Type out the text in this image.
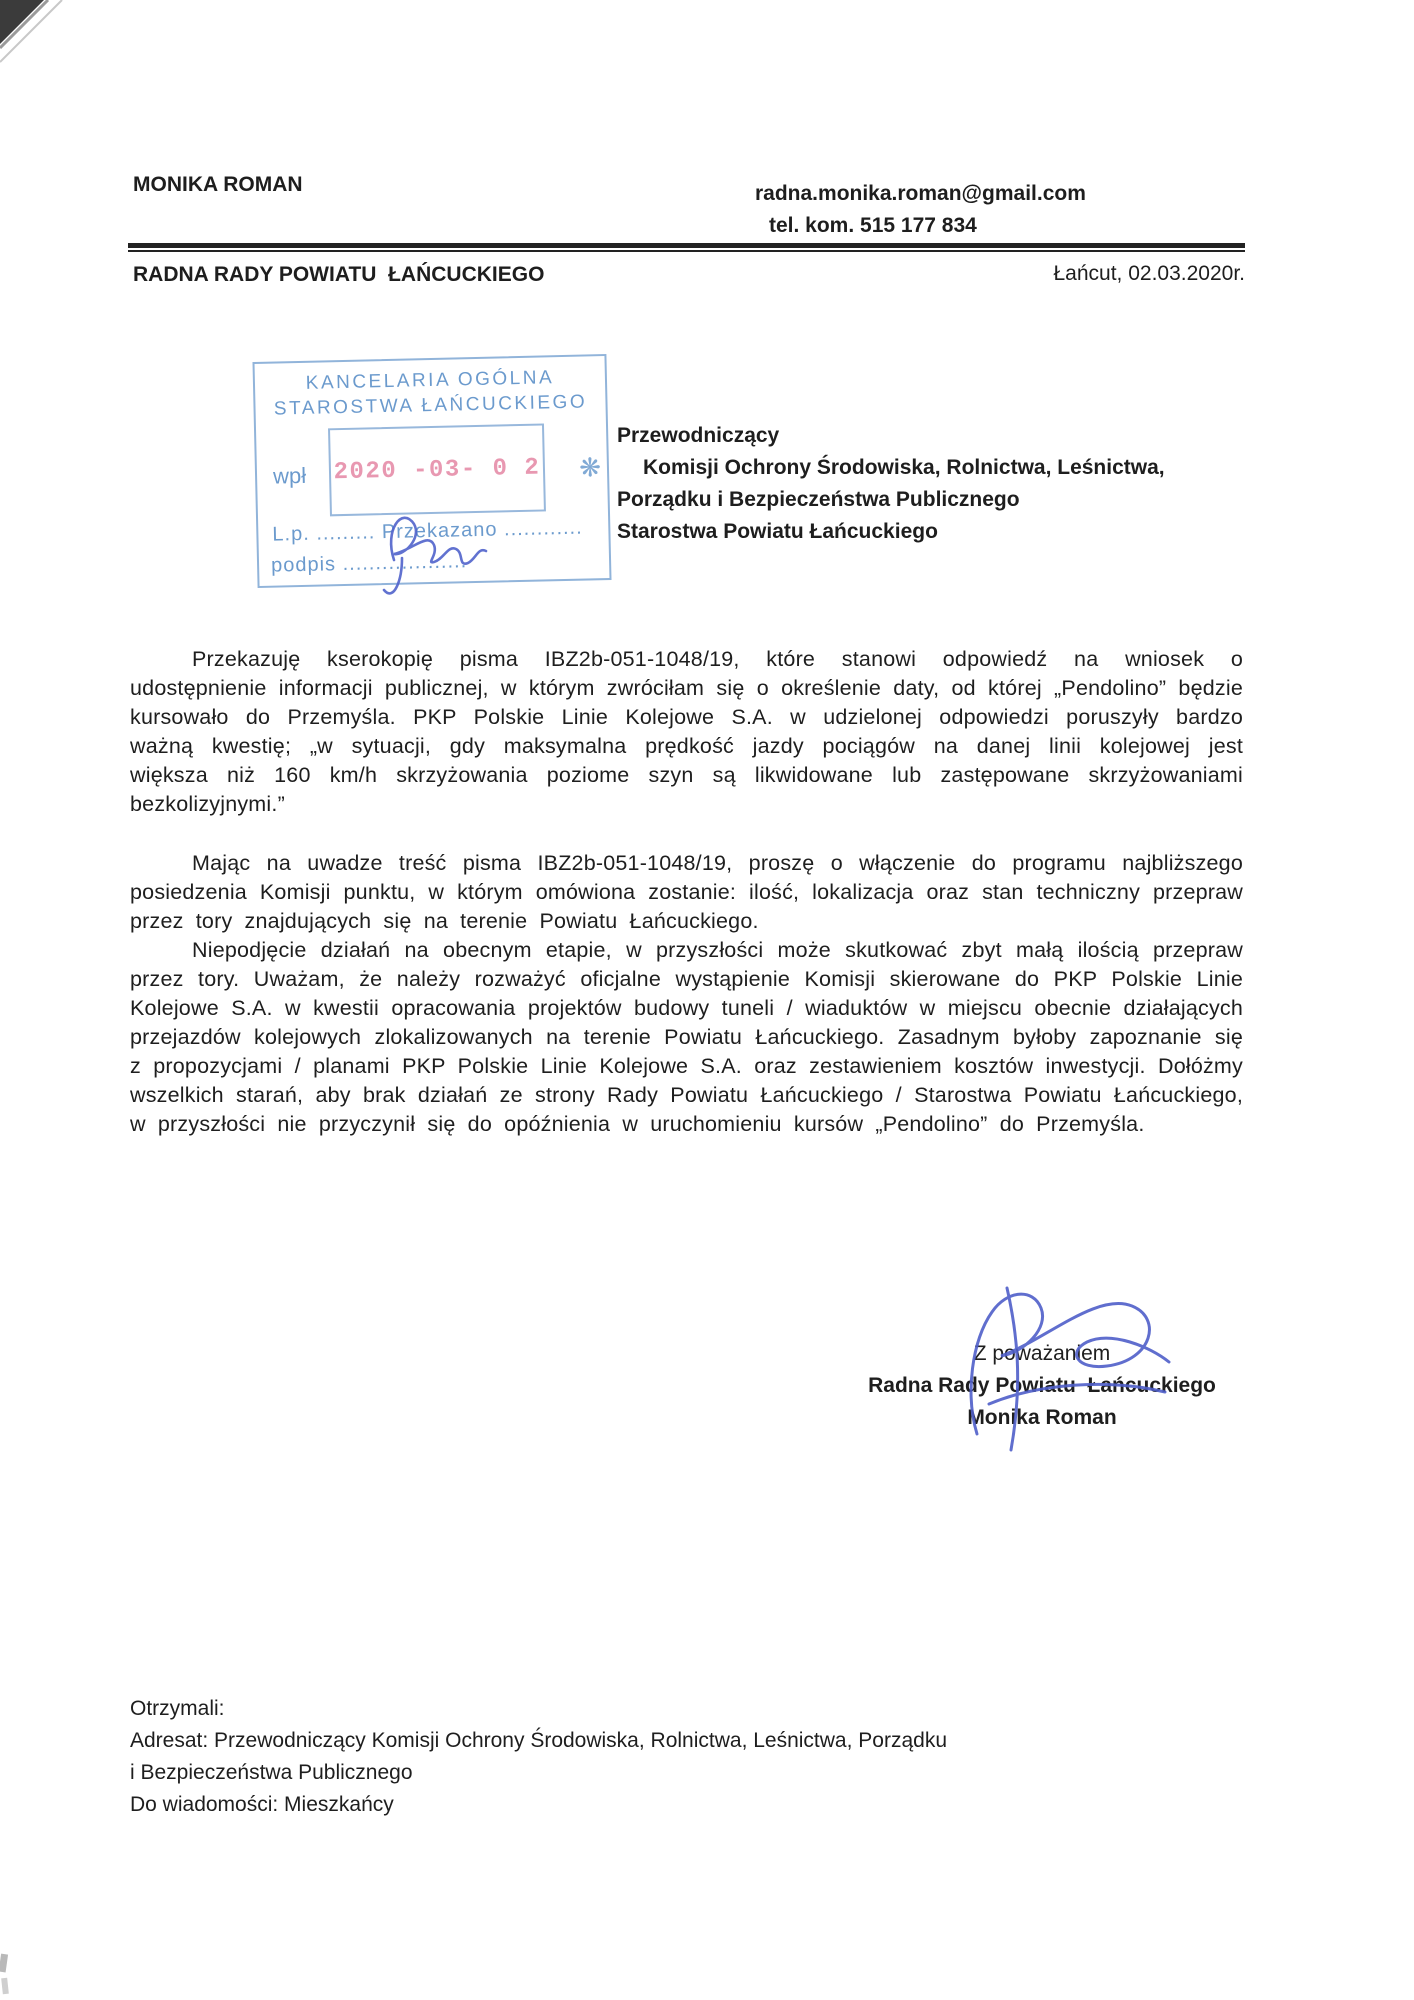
MONIKA ROMAN

RADNA RADY POWIATU  ŁAŃCUCKIEGO

radna.monika.roman@gmail.com
tel. kom. 515 177 834
Łańcut, 02.03.2020r.
KANCELARIA OGÓLNA
STAROSTWA ŁAŃCUCKIEGO
wpł 2020 -03- 0 2 ❋
L.p. ......... Przekazano ............
podpis ...................
Przewodniczący
Komisji Ochrony Środowiska, Rolnictwa, Leśnictwa,
Porządku i Bezpieczeństwa Publicznego
Starostwa Powiatu Łańcuckiego

Przekazuję kserokopię pisma IBZ2b-051-1048/19, które stanowi odpowiedź na wniosek o udostępnienie informacji publicznej, w którym zwróciłam się o określenie daty, od której „Pendolino” będzie kursowało do Przemyśla. PKP Polskie Linie Kolejowe S.A. w udzielonej odpowiedzi poruszyły bardzo ważną kwestię; „w sytuacji, gdy maksymalna prędkość jazdy pociągów na danej linii kolejowej jest większa niż 160 km/h skrzyżowania poziome szyn są likwidowane lub zastępowane skrzyżowaniami bezkolizyjnymi.”

Mając na uwadze treść pisma IBZ2b-051-1048/19, proszę o włączenie do programu najbliższego posiedzenia Komisji punktu, w którym omówiona zostanie: ilość, lokalizacja oraz stan techniczny przepraw przez tory znajdujących się na terenie Powiatu Łańcuckiego.

Niepodjęcie działań na obecnym etapie, w przyszłości może skutkować zbyt małą ilością przepraw przez tory. Uważam, że należy rozważyć oficjalne wystąpienie Komisji skierowane do PKP Polskie Linie Kolejowe S.A. w kwestii opracowania projektów budowy tuneli / wiaduktów w miejscu obecnie działających przejazdów kolejowych zlokalizowanych na terenie Powiatu Łańcuckiego. Zasadnym byłoby zapoznanie się z propozycjami / planami PKP Polskie Linie Kolejowe S.A. oraz zestawieniem kosztów inwestycji. Dołóżmy wszelkich starań, aby brak działań ze strony Rady Powiatu Łańcuckiego / Starostwa Powiatu Łańcuckiego, w przyszłości nie przyczynił się do opóźnienia w uruchomieniu kursów „Pendolino” do Przemyśla.

Z poważaniem
Radna Rady Powiatu  Łańcuckiego
Monika Roman
Otrzymali:
Adresat: Przewodniczący Komisji Ochrony Środowiska, Rolnictwa, Leśnictwa, Porządku
i Bezpieczeństwa Publicznego
Do wiadomości: Mieszkańcy
